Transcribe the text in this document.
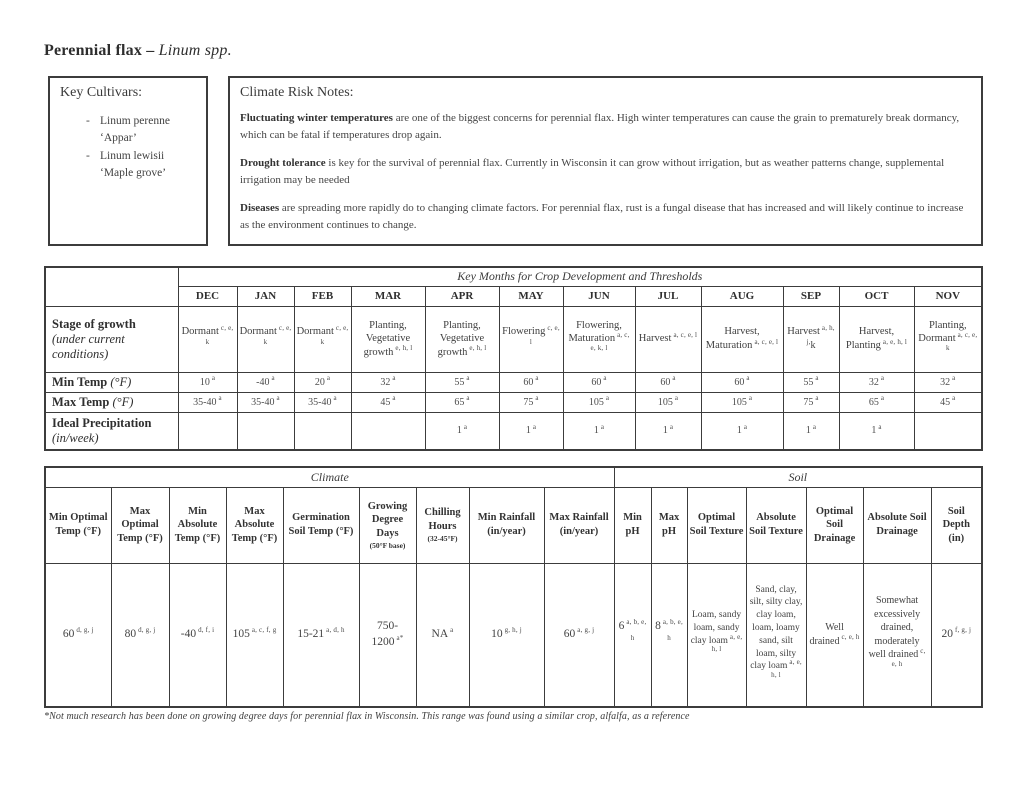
Perennial flax – Linum spp.
Key Cultivars:
- Linum perenne
‘Appar’
- Linum lewisii
‘Maple grove’
Climate Risk Notes:

Fluctuating winter temperatures are one of the biggest concerns for perennial flax. High winter temperatures can cause the grain to prematurely break dormancy, which can be fatal if temperatures drop again.

Drought tolerance is key for the survival of perennial flax. Currently in Wisconsin it can grow without irrigation, but as weather patterns change, supplemental irrigation may be needed

Diseases are spreading more rapidly do to changing climate factors. For perennial flax, rust is a fungal disease that has increased and will likely continue to increase as the environment continues to change.

	Key Months for Crop Development and Thresholds											
	DEC	JAN	FEB	MAR	APR	MAY	JUN	JUL	AUG	SEP	OCT	NOV

Stage of growth
(under current conditions)	Dormant $^{c, e, k}$	Dormant $^{c, e, k}$	Dormant $^{c, e, k}$	Planting, Vegetative growth $^{e, h, l}$	Planting, Vegetative growth $^{e, h, l}$	Flowering $^{c, e, l}$	Flowering, Maturation $^{a, c, e, k, l}$	Harvest $^{a, c, e, l}$	Harvest, Maturation $^{a, c, e, l}$	Harvest $^{a, h, j,}$k	Harvest, Planting $^{a, e, h, l}$	Planting, Dormant $^{a, c, e, k}$
Min Temp (°F)	10 $^a$	-40 $^a$	20 $^a$	32 $^a$	55 $^a$	60 $^a$	60 $^a$	60 $^a$	60 $^a$	55 $^a$	32 $^a$	32 $^a$
Max Temp (°F)	35-40 $^a$	35-40 $^a$	35-40 $^a$	45 $^a$	65 $^a$	75 $^a$	105 $^a$	105 $^a$	105 $^a$	75 $^a$	65 $^a$	45 $^a$
Ideal Precipitation (in/week)					1 $^a$	1 $^a$	1 $^a$	1 $^a$	1 $^a$	1 $^a$	1 $^a$	
Climate									Soil						
Min Optimal Temp (°F)	Max Optimal Temp (°F)	Min Absolute Temp (°F)	Max Absolute Temp (°F)	Germination Soil Temp (°F)	Growing Degree Days
(50°F base)	Chilling Hours
(32-45°F)	Min Rainfall (in/year)	Max Rainfall (in/year)	Min pH	Max pH	Optimal Soil Texture	Absolute Soil Texture	Optimal Soil Drainage	Absolute Soil Drainage	Soil Depth (in)

60 $^{d, g, j}$	80 $^{d, g, j}$	-40 $^{d, f, i}$	105 $^{a, c, f, g}$	15-21 $^{a, d, h}$	750-1200 $^{a*}$	NA $^a$	10 $^{g, h, j}$	60 $^{a, g, j}$	6 $^{a, b, e, h}$	8 $^{a, b, e, h}$	Loam, sandy loam, sandy clay loam $^{a, e, h, l}$	Sand, clay, silt, silty clay, clay loam, loam, loamy sand, silt loam, silty clay loam $^{a, e, h, l}$	Well drained $^{c, e, h}$	Somewhat excessively drained, moderately well drained $^{c, e, h}$	20 $^{f, g, j}$
*Not much research has been done on growing degree days for perennial flax in Wisconsin. This range was found using a similar crop, alfalfa, as a reference
